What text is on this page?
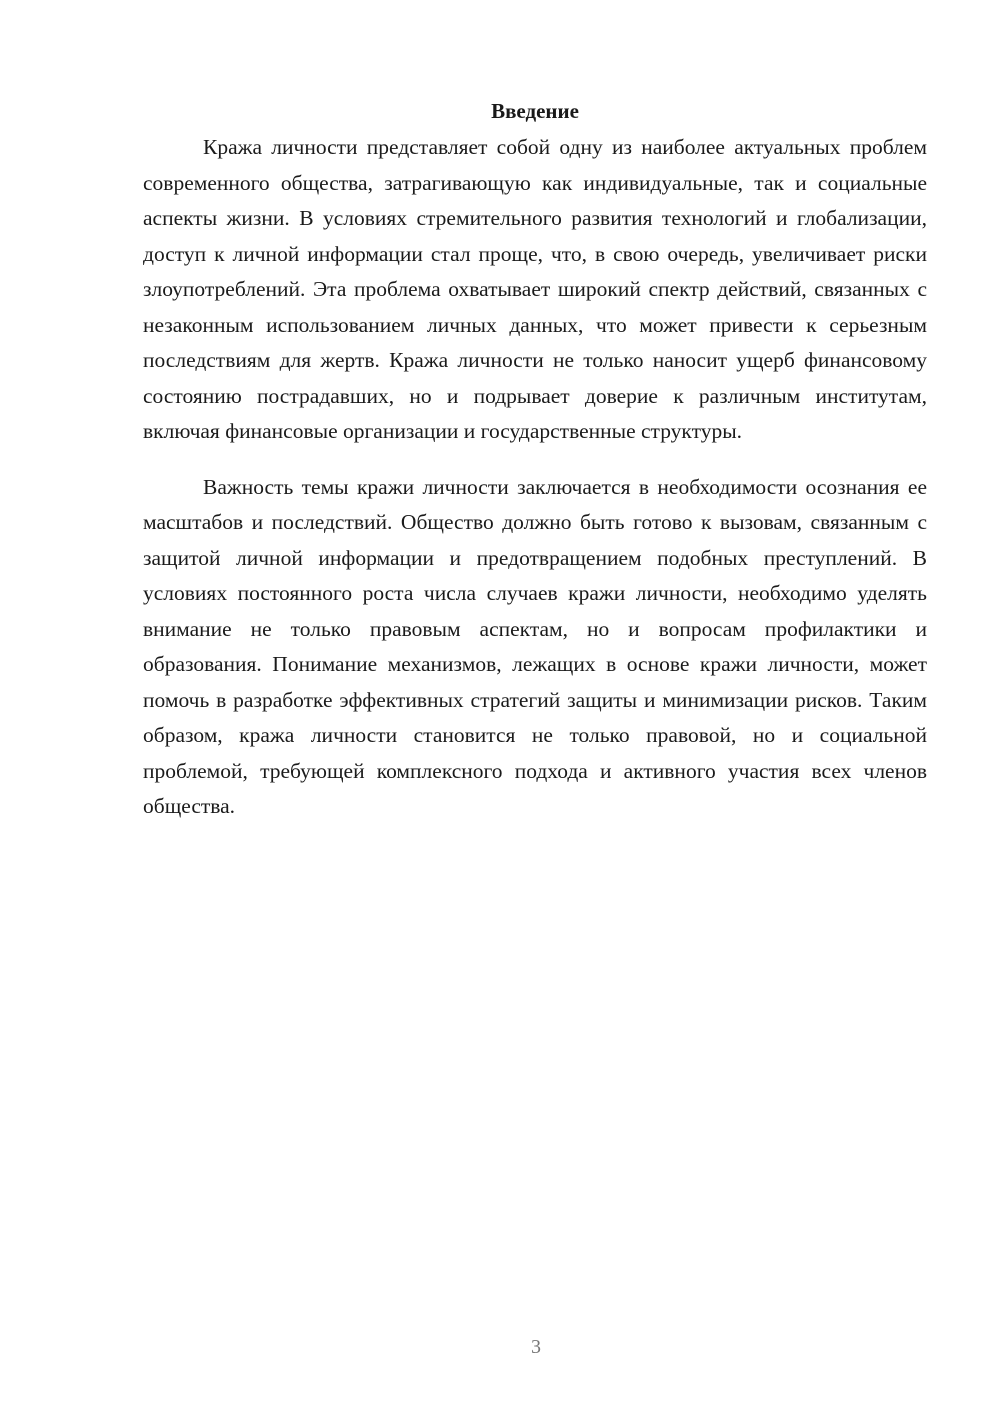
Введение

Кража личности представляет собой одну из наиболее актуальных проблем современного общества, затрагивающую как индивидуальные, так и социальные аспекты жизни. В условиях стремительного развития технологий и глобализации, доступ к личной информации стал проще, что, в свою очередь, увеличивает риски злоупотреблений. Эта проблема охватывает широкий спектр действий, связанных с незаконным использованием личных данных, что может привести к серьезным последствиям для жертв. Кража личности не только наносит ущерб финансовому состоянию пострадавших, но и подрывает доверие к различным институтам, включая финансовые организации и государственные структуры.

Важность темы кражи личности заключается в необходимости осознания ее масштабов и последствий. Общество должно быть готово к вызовам, связанным с защитой личной информации и предотвращением подобных преступлений. В условиях постоянного роста числа случаев кражи личности, необходимо уделять внимание не только правовым аспектам, но и вопросам профилактики и образования. Понимание механизмов, лежащих в основе кражи личности, может помочь в разработке эффективных стратегий защиты и минимизации рисков. Таким образом, кража личности становится не только правовой, но и социальной проблемой, требующей комплексного подхода и активного участия всех членов общества.

3
